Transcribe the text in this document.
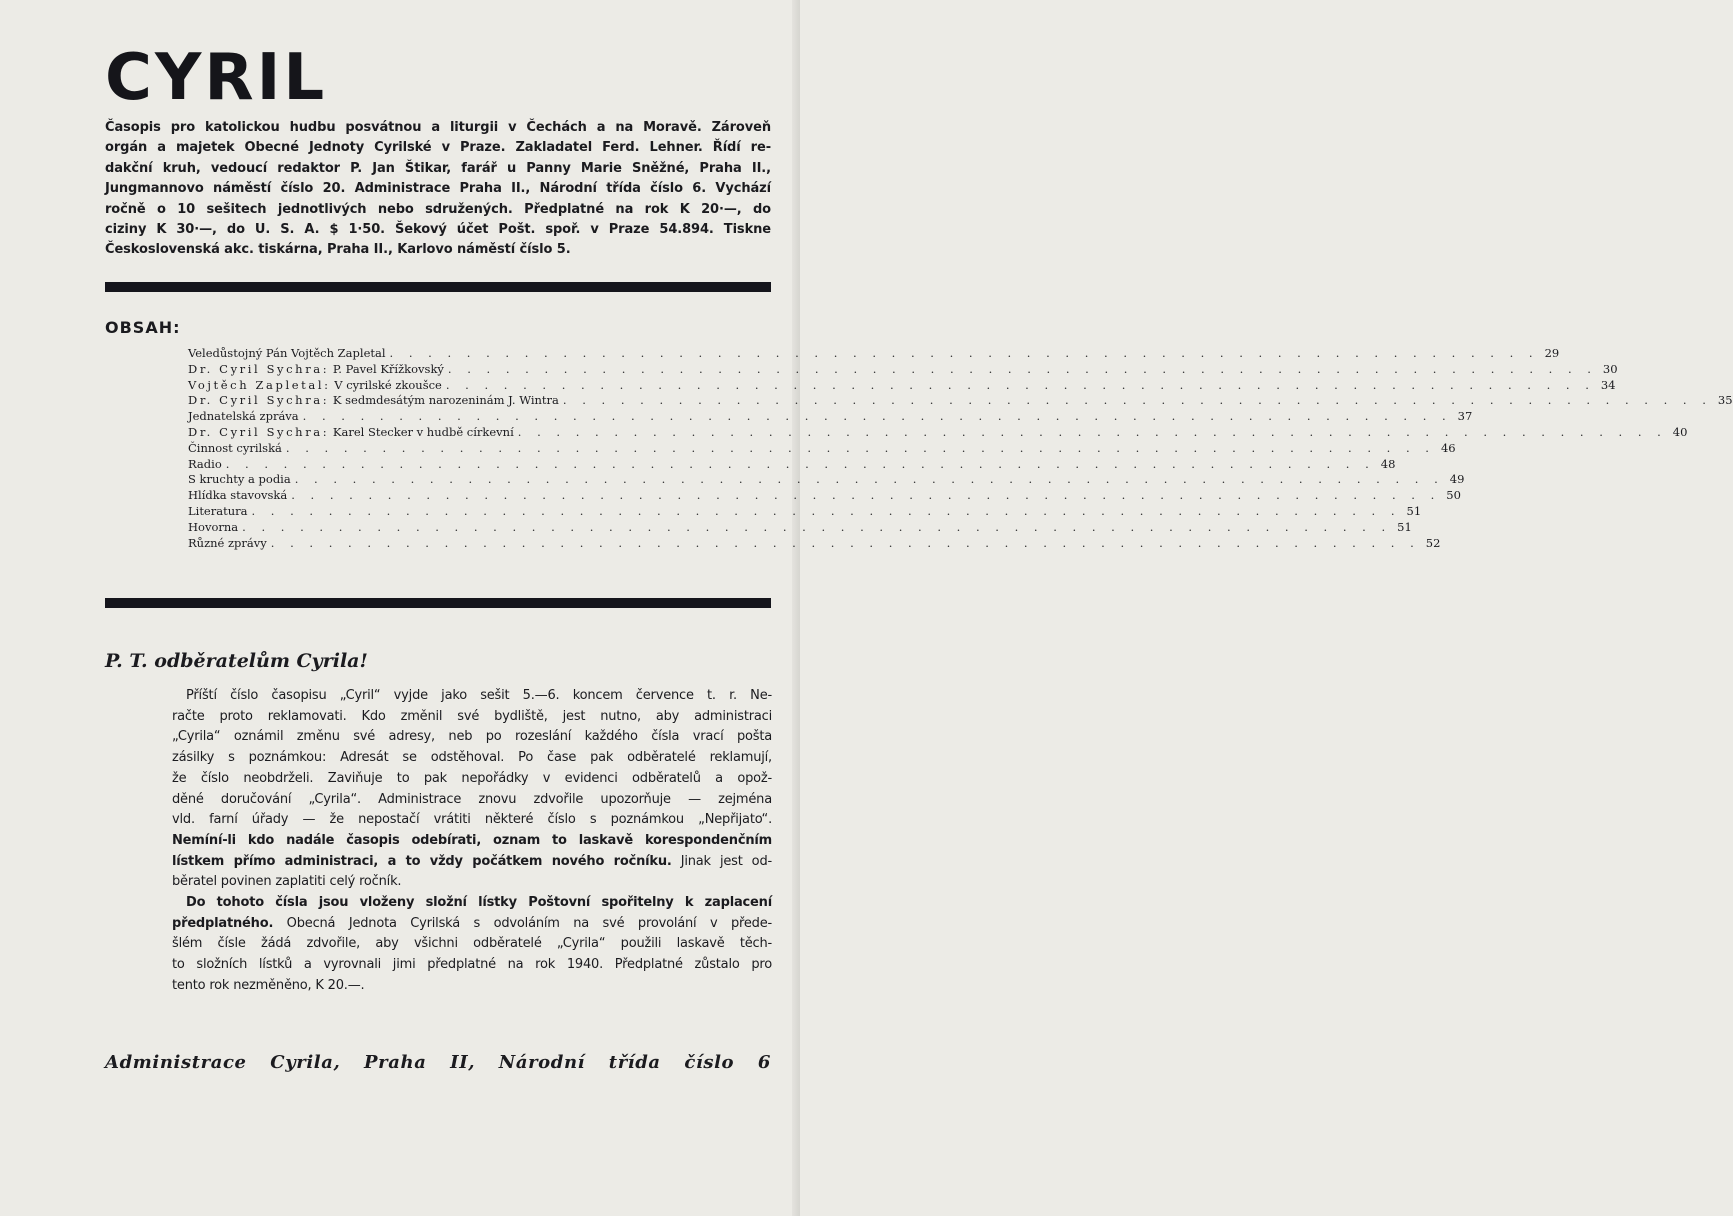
CYRIL
Časopis pro katolickou hudbu posvátnou a liturgii v Čechách a na Moravě. Zároveň
orgán a majetek Obecné Jednoty Cyrilské v Praze. Zakladatel Ferd. Lehner. Řídí re-
dakční kruh, vedoucí redaktor P. Jan Štikar, farář u Panny Marie Sněžné, Praha II.,
Jungmannovo náměstí číslo 20. Administrace Praha II., Národní třída číslo 6. Vychází
ročně o 10 sešitech jednotlivých nebo sdružených. Předplatné na rok K 20·—, do
ciziny K 30·—, do U. S. A. $ 1·50. Šekový účet Pošt. spoř. v Praze 54.894. Tiskne
Československá akc. tiskárna, Praha II., Karlovo náměstí číslo 5.
OBSAH:
Veledůstojný Pán Vojtěch Zapletal . . . . . . . . . . . . . . . . . . . . . . . . . . . . . . . . . . . . . . . . . . . . . . . . . . . . . . . . . . . . 29
Dr. Cyril Sychra: P. Pavel Křížkovský . . . . . . . . . . . . . . . . . . . . . . . . . . . . . . . . . . . . . . . . . . . . . . . . . . . . . . . . . . . . 30
Vojtěch Zapletal: V cyrilské zkoušce . . . . . . . . . . . . . . . . . . . . . . . . . . . . . . . . . . . . . . . . . . . . . . . . . . . . . . . . . . . . 34
Dr. Cyril Sychra: K sedmdesátým narozeninám J. Wintra . . . . . . . . . . . . . . . . . . . . . . . . . . . . . . . . . . . . . . . . . . . . . . . . . . . . . . . . . . . . 35
Jednatelská zpráva . . . . . . . . . . . . . . . . . . . . . . . . . . . . . . . . . . . . . . . . . . . . . . . . . . . . . . . . . . . . 37
Dr. Cyril Sychra: Karel Stecker v hudbě církevní . . . . . . . . . . . . . . . . . . . . . . . . . . . . . . . . . . . . . . . . . . . . . . . . . . . . . . . . . . . . 40
Činnost cyrilská . . . . . . . . . . . . . . . . . . . . . . . . . . . . . . . . . . . . . . . . . . . . . . . . . . . . . . . . . . . . 46
Radio . . . . . . . . . . . . . . . . . . . . . . . . . . . . . . . . . . . . . . . . . . . . . . . . . . . . . . . . . . . . 48
S kruchty a podia . . . . . . . . . . . . . . . . . . . . . . . . . . . . . . . . . . . . . . . . . . . . . . . . . . . . . . . . . . . . 49
Hlídka stavovská . . . . . . . . . . . . . . . . . . . . . . . . . . . . . . . . . . . . . . . . . . . . . . . . . . . . . . . . . . . . 50
Literatura . . . . . . . . . . . . . . . . . . . . . . . . . . . . . . . . . . . . . . . . . . . . . . . . . . . . . . . . . . . . 51
Hovorna . . . . . . . . . . . . . . . . . . . . . . . . . . . . . . . . . . . . . . . . . . . . . . . . . . . . . . . . . . . . 51
Různé zprávy . . . . . . . . . . . . . . . . . . . . . . . . . . . . . . . . . . . . . . . . . . . . . . . . . . . . . . . . . . . . 52
P. T. odběratelům Cyrila!
Příští číslo časopisu „Cyril“ vyjde jako sešit 5.—6. koncem července t. r. Ne-
račte proto reklamovati. Kdo změnil své bydliště, jest nutno, aby administraci
„Cyrila“ oznámil změnu své adresy, neb po rozeslání každého čísla vrací pošta
zásilky s poznámkou: Adresát se odstěhoval. Po čase pak odběratelé reklamují,
že číslo neobdrželi. Zaviňuje to pak nepořádky v evidenci odběratelů a opož-
děné doručování „Cyrila“. Administrace znovu zdvořile upozorňuje — zejména
vld. farní úřady — že nepostačí vrátiti některé číslo s poznámkou „Nepřijato“.
Nemíní-li kdo nadále časopis odebírati, oznam to laskavě korespondenčním
lístkem přímo administraci, a to vždy počátkem nového ročníku. Jinak jest od-
běratel povinen zaplatiti celý ročník.
Do tohoto čísla jsou vloženy složní lístky Poštovní spořitelny k zaplacení
předplatného. Obecná Jednota Cyrilská s odvoláním na své provolání v přede-
šlém čísle žádá zdvořile, aby všichni odběratelé „Cyrila“ použili laskavě těch-
to složních lístků a vyrovnali jimi předplatné na rok 1940. Předplatné zůstalo pro
tento rok nezměněno, K 20.—.
Administrace Cyrila, Praha II, Národní třída číslo 6
